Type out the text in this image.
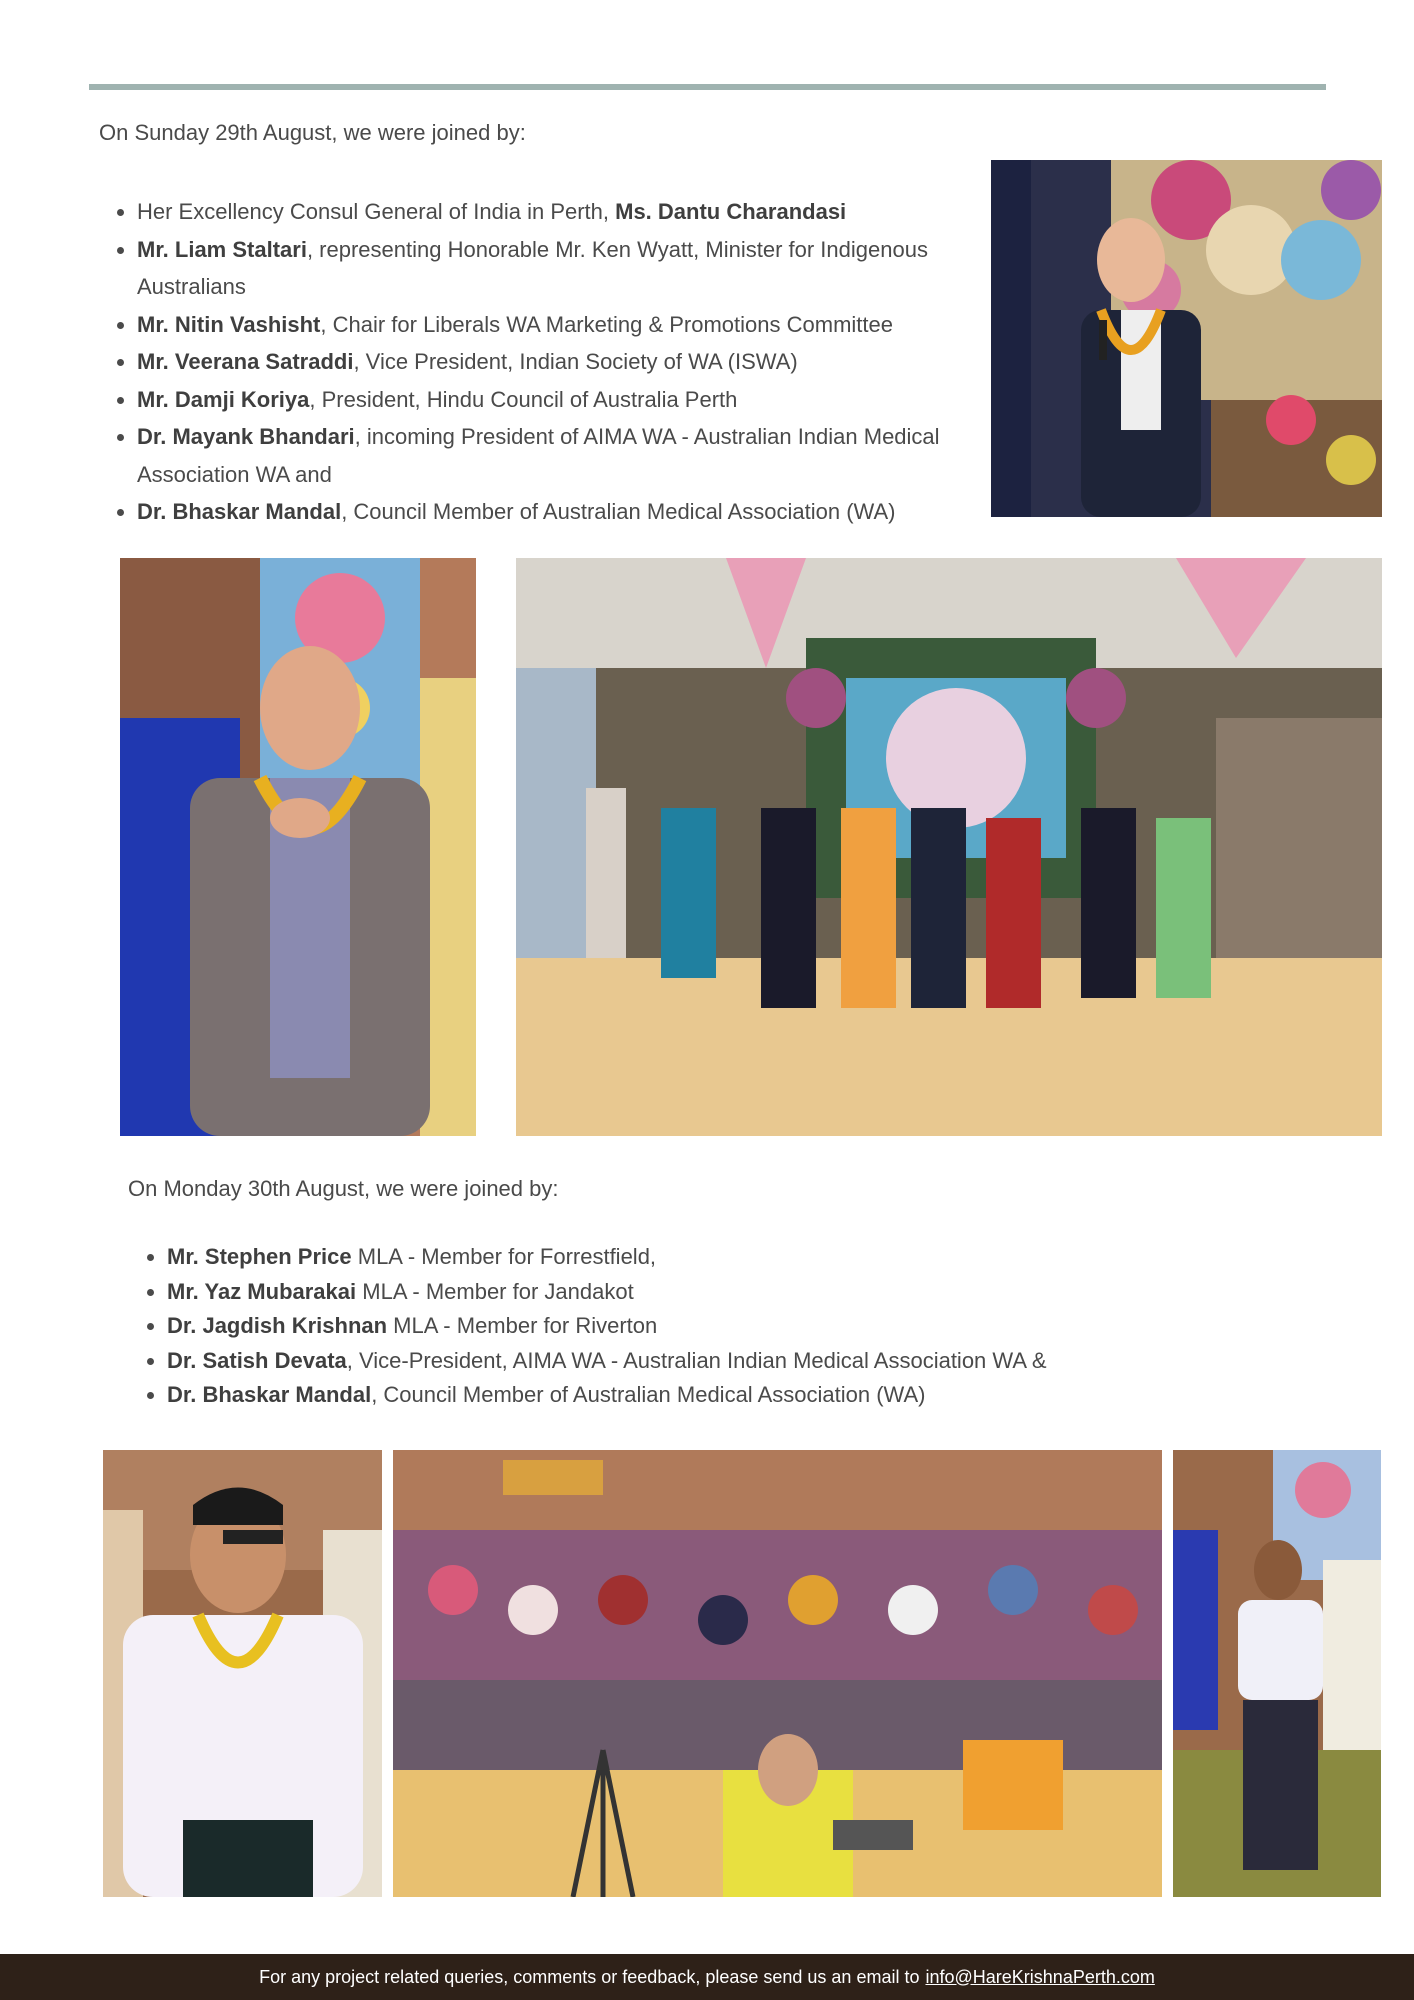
On Sunday 29th August, we were joined by:

• Her Excellency Consul General of India in Perth, Ms. Dantu Charandasi
• Mr. Liam Staltari, representing Honorable Mr. Ken Wyatt, Minister for Indigenous Australians
• Mr. Nitin Vashisht, Chair for Liberals WA Marketing & Promotions Committee
• Mr. Veerana Satraddi, Vice President, Indian Society of WA (ISWA)
• Mr. Damji Koriya, President, Hindu Council of Australia Perth
• Dr. Mayank Bhandari, incoming President of AIMA WA - Australian Indian Medical Association WA and
• Dr. Bhaskar Mandal, Council Member of Australian Medical Association (WA)

On Monday 30th August, we were joined by:

• Mr. Stephen Price MLA - Member for Forrestfield,
• Mr. Yaz Mubarakai MLA - Member for Jandakot
• Dr. Jagdish Krishnan MLA - Member for Riverton
• Dr. Satish Devata, Vice-President, AIMA WA - Australian Indian Medical Association WA &
• Dr. Bhaskar Mandal, Council Member of Australian Medical Association (WA)
For any project related queries, comments or feedback, please send us an email to info@HareKrishnaPerth.com
